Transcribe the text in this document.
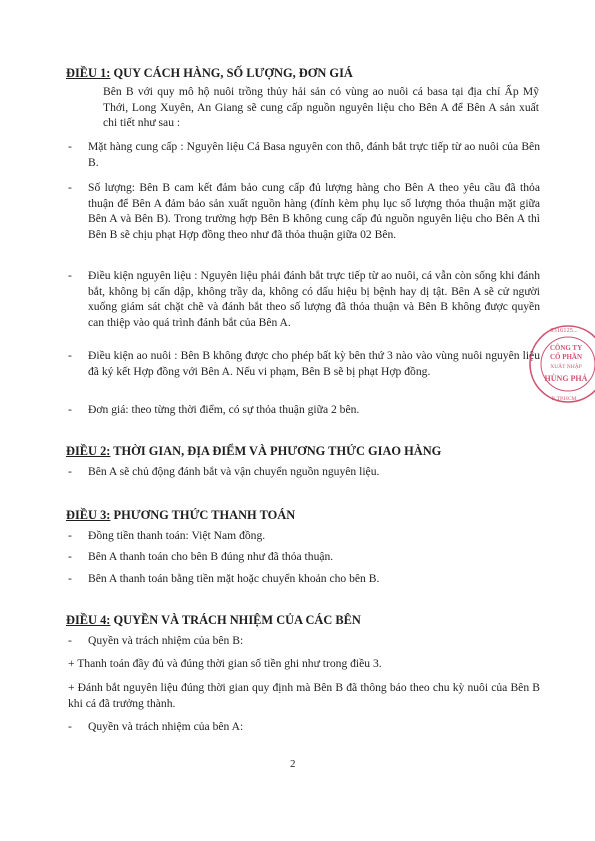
ĐIỀU 1: QUY CÁCH HÀNG, SỐ LƯỢNG, ĐƠN GIÁ

Bên B với quy mô hộ nuôi trồng thủy hải sản có vùng ao nuôi cá basa tại địa chỉ Ấp Mỹ Thới, Long Xuyên, An Giang sẽ cung cấp nguồn nguyên liệu cho Bên A để Bên A sản xuất chi tiết như sau :

- Mặt hàng cung cấp : Nguyên liệu Cá Basa nguyên con thô, đánh bắt trực tiếp từ ao nuôi của Bên B.

- Số lượng: Bên B cam kết đảm bảo cung cấp đủ lượng hàng cho Bên A theo yêu cầu đã thỏa thuận để Bên A đảm bảo sản xuất nguồn hàng (đính kèm phụ lục số lượng thỏa thuận mặt giữa Bên A và Bên B). Trong trường hợp Bên B không cung cấp đủ nguồn nguyên liệu cho Bên A thì Bên B sẽ chịu phạt Hợp đồng theo như đã thỏa thuận giữa 02 Bên.

- Điều kiện nguyên liệu : Nguyên liệu phải đánh bắt trực tiếp từ ao nuôi, cá vẫn còn sống khi đánh bắt, không bị cấn dập, không trầy da, không có dấu hiệu bị bệnh hay dị tật. Bên A sẽ cử người xuống giám sát chặt chẽ và đánh bắt theo số lượng đã thỏa thuận và Bên B không được quyền can thiệp vào quá trình đánh bắt của Bên A.

- Điều kiện ao nuôi : Bên B không được cho phép bất kỳ bên thứ 3 nào vào vùng nuôi nguyên liệu đã ký kết Hợp đồng với Bên A. Nếu vi phạm, Bên B sẽ bị phạt Hợp đồng.

- Đơn giá: theo từng thời điểm, có sự thỏa thuận giữa 2 bên.

ĐIỀU 2: THỜI GIAN, ĐỊA ĐIỂM VÀ PHƯƠNG THỨC GIAO HÀNG
- Bên A sẽ chủ động đánh bắt và vận chuyển nguồn nguyên liệu.

ĐIỀU 3: PHƯƠNG THỨC THANH TOÁN
- Đồng tiền thanh toán: Việt Nam đồng.

- Bên A thanh toán cho bên B đúng như đã thỏa thuận.

- Bên A thanh toán bằng tiền mặt hoặc chuyển khoản cho bên B.

ĐIỀU 4: QUYỀN VÀ TRÁCH NHIỆM CỦA CÁC BÊN
- Quyền và trách nhiệm của bên B:

+ Thanh toán đầy đủ và đúng thời gian số tiền ghi như trong điều 3.

+ Đánh bắt nguyên liệu đúng thời gian quy định mà Bên B đã thông báo theo chu kỳ nuôi của Bên B khi cá đã trưởng thành.

- Quyền và trách nhiệm của bên A:

2
0316125...
CÔNG TY
CỔ PHẦN
XUẤT NHẬP
HÙNG PHÁ
P. TP.HCM
